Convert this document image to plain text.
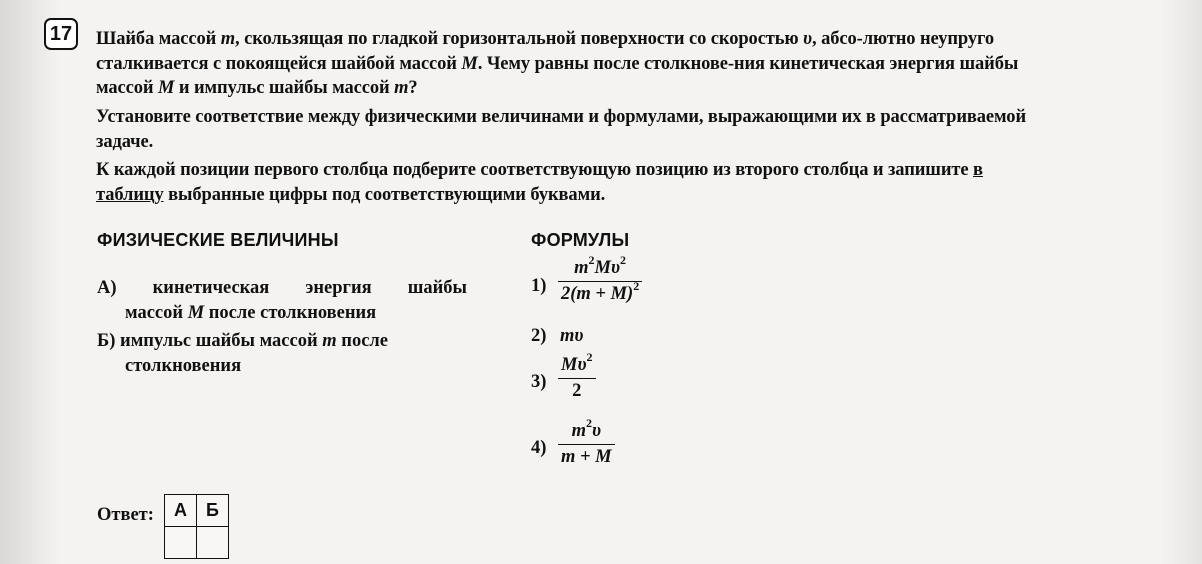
17	Шайба массой m, скользящая по гладкой горизонтальной поверхности со скоростью υ, абсо-лютно неупруго сталкивается с покоящейся шайбой массой M. Чему равны после столкнове-ния кинетическая энергия шайбы массой M и импульс шайбы массой m?

Установите соответствие между физическими величинами и формулами, выражающими их в рассматриваемой задаче.

К каждой позиции первого столбца подберите соответствующую позицию из второго столбца и запишите в таблицу выбранные цифры под соответствующими буквами.

ФИЗИЧЕСКИЕ ВЕЛИЧИНЫ	ФОРМУЛЫ
А) кинетическая энергия шайбы
массой M после столкновения
Б) импульс шайбы массой m после
столкновения
1)
$m^2M\upsilon^2$
$2(m + M)^2$
2) mυ
3)
$M\upsilon^2$
2
4)
$m^2\upsilon$
m + M
Ответ: А	Б
